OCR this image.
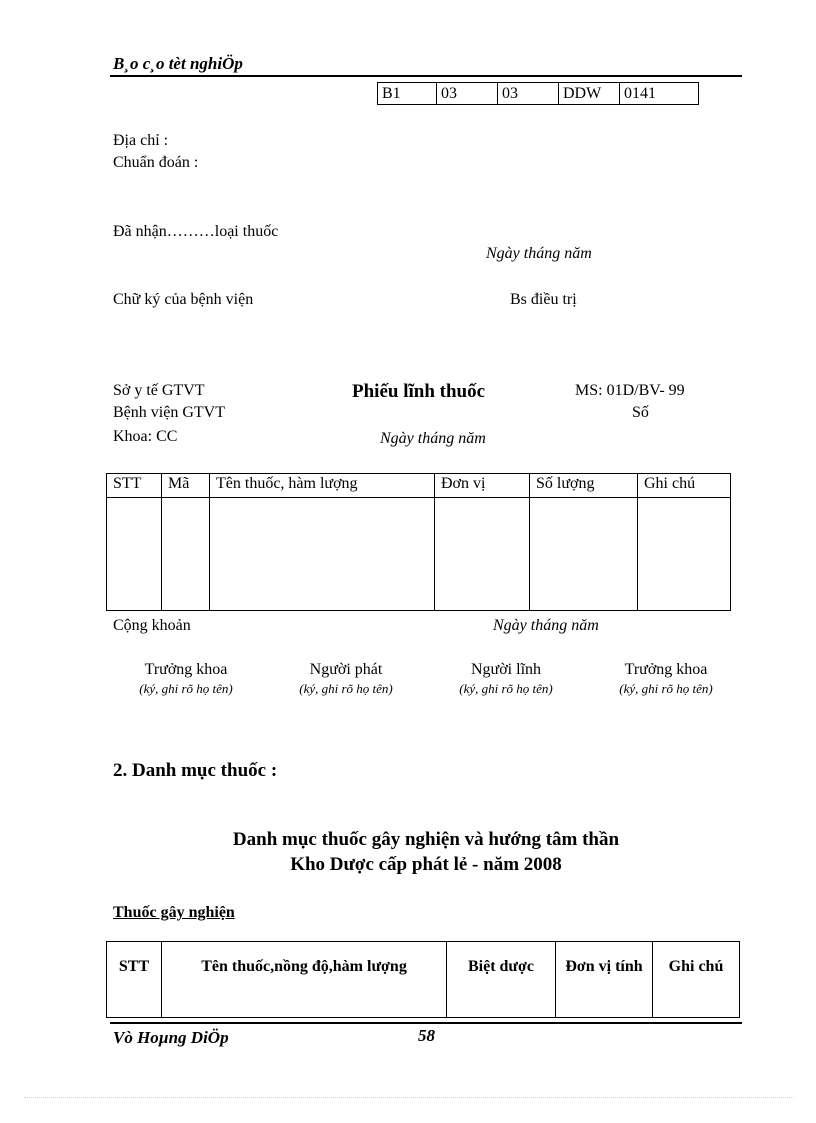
B¸o c¸o tèt nghiÖp
B1	03	03	DDW	0141
Địa chỉ :
Chuẩn đoán :
Đã nhận………loại thuốc
Ngày tháng năm
Chữ ký của bệnh viện	Bs điều trị
Sở y tế GTVT	Phiếu lĩnh thuốc	MS: 01D/BV- 99
Bệnh viện GTVT	Số
Khoa: CC	Ngày tháng năm
STT	Mã	Tên thuốc, hàm lượng	Đơn vị	Số lượng	Ghi chú

Cộng khoản	Ngày tháng năm
Trưởng khoa
(ký, ghi rõ họ tên)
Người phát
(ký, ghi rõ họ tên)
Người lĩnh
(ký, ghi rõ họ tên)
Trưởng khoa
(ký, ghi rõ họ tên)
2. Danh mục thuốc :
Danh mục thuốc gây nghiện và hướng tâm thần
Kho Dược cấp phát lẻ - năm 2008
Thuốc gây nghiện
STT	Tên thuốc,nồng độ,hàm lượng	Biệt dược	Đơn vị tính	Ghi chú
Vò Hoµng DiÖp	58
